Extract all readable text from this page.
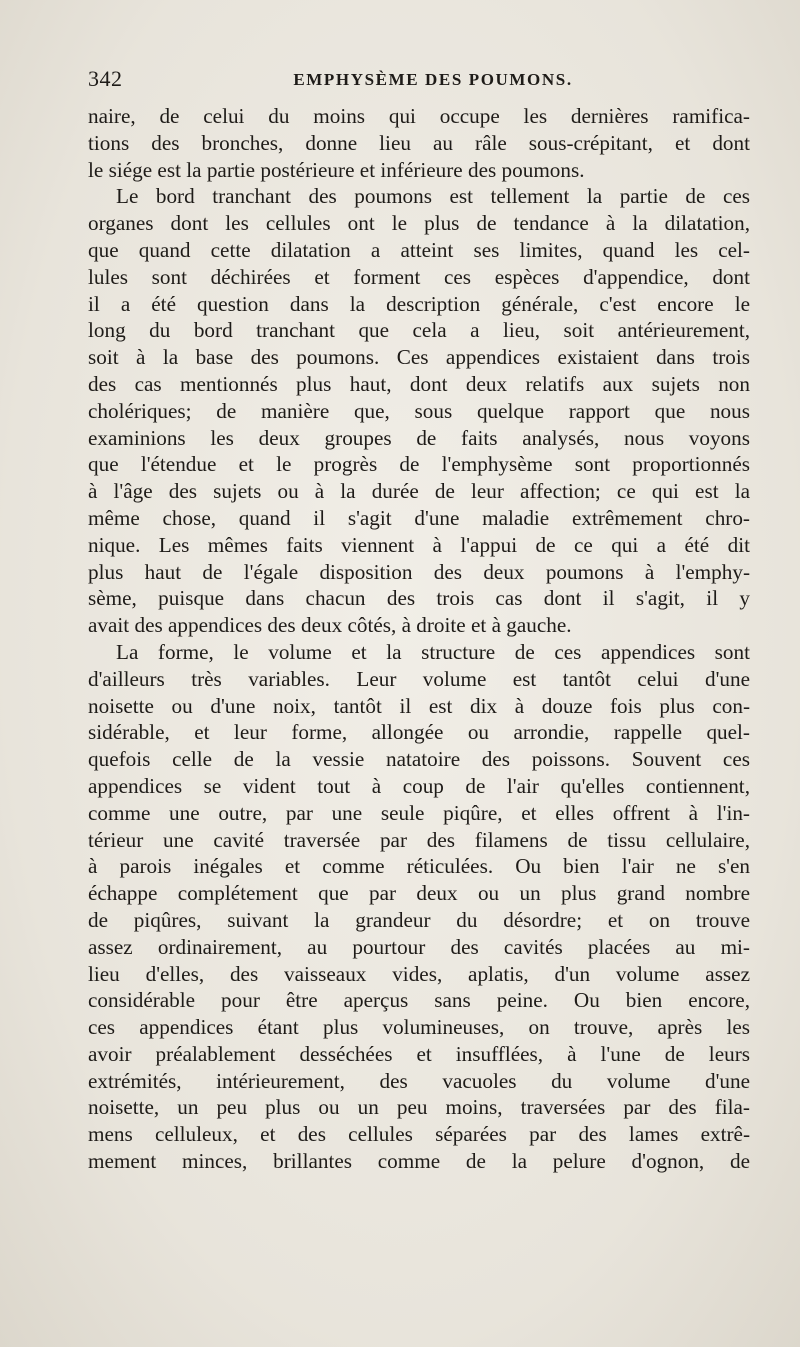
342	EMPHYSÈME DES POUMONS.
naire, de celui du moins qui occupe les dernières ramifica-
tions des bronches, donne lieu au râle sous-crépitant, et dont
le siége est la partie postérieure et inférieure des poumons.
Le bord tranchant des poumons est tellement la partie de ces
organes dont les cellules ont le plus de tendance à la dilatation,
que quand cette dilatation a atteint ses limites, quand les cel-
lules sont déchirées et forment ces espèces d'appendice, dont
il a été question dans la description générale, c'est encore le
long du bord tranchant que cela a lieu, soit antérieurement,
soit à la base des poumons. Ces appendices existaient dans trois
des cas mentionnés plus haut, dont deux relatifs aux sujets non
cholériques; de manière que, sous quelque rapport que nous
examinions les deux groupes de faits analysés, nous voyons
que l'étendue et le progrès de l'emphysème sont proportionnés
à l'âge des sujets ou à la durée de leur affection; ce qui est la
même chose, quand il s'agit d'une maladie extrêmement chro-
nique. Les mêmes faits viennent à l'appui de ce qui a été dit
plus haut de l'égale disposition des deux poumons à l'emphy-
sème, puisque dans chacun des trois cas dont il s'agit, il y
avait des appendices des deux côtés, à droite et à gauche.
La forme, le volume et la structure de ces appendices sont
d'ailleurs très variables. Leur volume est tantôt celui d'une
noisette ou d'une noix, tantôt il est dix à douze fois plus con-
sidérable, et leur forme, allongée ou arrondie, rappelle quel-
quefois celle de la vessie natatoire des poissons. Souvent ces
appendices se vident tout à coup de l'air qu'elles contiennent,
comme une outre, par une seule piqûre, et elles offrent à l'in-
térieur une cavité traversée par des filamens de tissu cellulaire,
à parois inégales et comme réticulées. Ou bien l'air ne s'en
échappe complétement que par deux ou un plus grand nombre
de piqûres, suivant la grandeur du désordre; et on trouve
assez ordinairement, au pourtour des cavités placées au mi-
lieu d'elles, des vaisseaux vides, aplatis, d'un volume assez
considérable pour être aperçus sans peine. Ou bien encore,
ces appendices étant plus volumineuses, on trouve, après les
avoir préalablement desséchées et insufflées, à l'une de leurs
extrémités, intérieurement, des vacuoles du volume d'une
noisette, un peu plus ou un peu moins, traversées par des fila-
mens celluleux, et des cellules séparées par des lames extrê-
mement minces, brillantes comme de la pelure d'ognon, de
